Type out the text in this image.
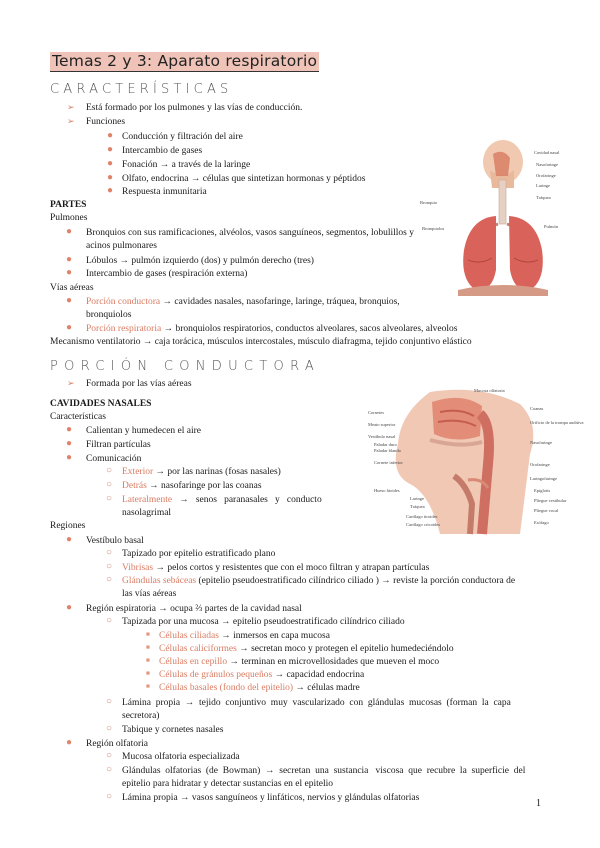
Temas 2 y 3: Aparato respiratorio
CARACTERÍSTICAS
➢ Está formado por los pulmones y las vías de conducción.
➢ Funciones
● Conducción y filtración del aire
● Intercambio de gases
● Fonación → a través de la laringe
● Olfato, endocrina → células que sintetizan hormonas y péptidos
● Respuesta inmunitaria
PARTES
Pulmones
● Bronquios con sus ramificaciones, alvéolos, vasos sanguíneos, segmentos, lobulillos y
acinos pulmonares
● Lóbulos → pulmón izquierdo (dos) y pulmón derecho (tres)
● Intercambio de gases (respiración externa)
Vías aéreas
● Porción conductora → cavidades nasales, nasofaringe, laringe, tráquea, bronquios,
bronquiolos
● Porción respiratoria → bronquiolos respiratorios, conductos alveolares, sacos alveolares, alveolos
Mecanismo ventilatorio → caja torácica, músculos intercostales, músculo diafragma, tejido conjuntivo elástico
Cavidad nasal
Nasofaringe
Orofaringe
Laringe
Tráquea
Bronquio
Bronquiolos	Pulmón
PORCIÓN CONDUCTORA
➢ Formada por las vías aéreas
CAVIDADES NASALES
Características
● Calientan y humedecen el aire
● Filtran partículas
● Comunicación
○ Exterior → por las narinas (fosas nasales)
○ Detrás → nasofaringe por las coanas
○ Lateralmente   →   senos   paranasales   y   conducto
nasolagrimal
Regiones
● Vestíbulo basal
○ Tapizado por epitelio estratificado plano
○ Vibrisas → pelos cortos y resistentes que con el moco filtran y atrapan partículas
○ Glándulas sebáceas (epitelio pseudoestratificado cilíndrico ciliado ) → reviste la porción conductora de
las vías aéreas
● Región espiratoria → ocupa ⅔ partes de la cavidad nasal
○ Tapizada por una mucosa → epitelio pseudoestratificado cilíndrico ciliado
■ Células ciliadas → inmersos en capa mucosa
■ Células caliciformes → secretan moco y protegen el epitelio humedeciéndolo
■ Células en cepillo → terminan en microvellosidades que mueven el moco
■ Células de gránulos pequeños → capacidad endocrina
■ Células basales (fondo del epitelio) → células madre
○ Lámina  propia  →  tejido  conjuntivo  muy  vascularizado  con  glándulas  mucosas  (forman  la  capa
secretora)
○ Tabique y cornetes nasales
● Región olfatoria
○ Mucosa olfatoria especializada
○ Glándulas  olfatorias  (de  Bowman)  →  secretan  una  sustancia   viscosa  que  recubre  la  superficie  del
epitelio para hidratar y detectar sustancias en el epitelio
○ Lámina propia → vasos sanguíneos y linfáticos, nervios y glándulas olfatorias
Mucosa olfatoria
Cornetes
Meato superior
Vestíbulo nasal
Paladar duro
Paladar blando
Cornete inferior
Hueso hioides
Laringe
Tráquea
Cartílago tiroides
Cartílago cricoides
Coanas
Orificio de la trompa auditiva
Nasofaringe
Orofaringe
Laringofaringe
Epiglotis
Pliegue vestibular
Pliegue vocal
Esófago
1
